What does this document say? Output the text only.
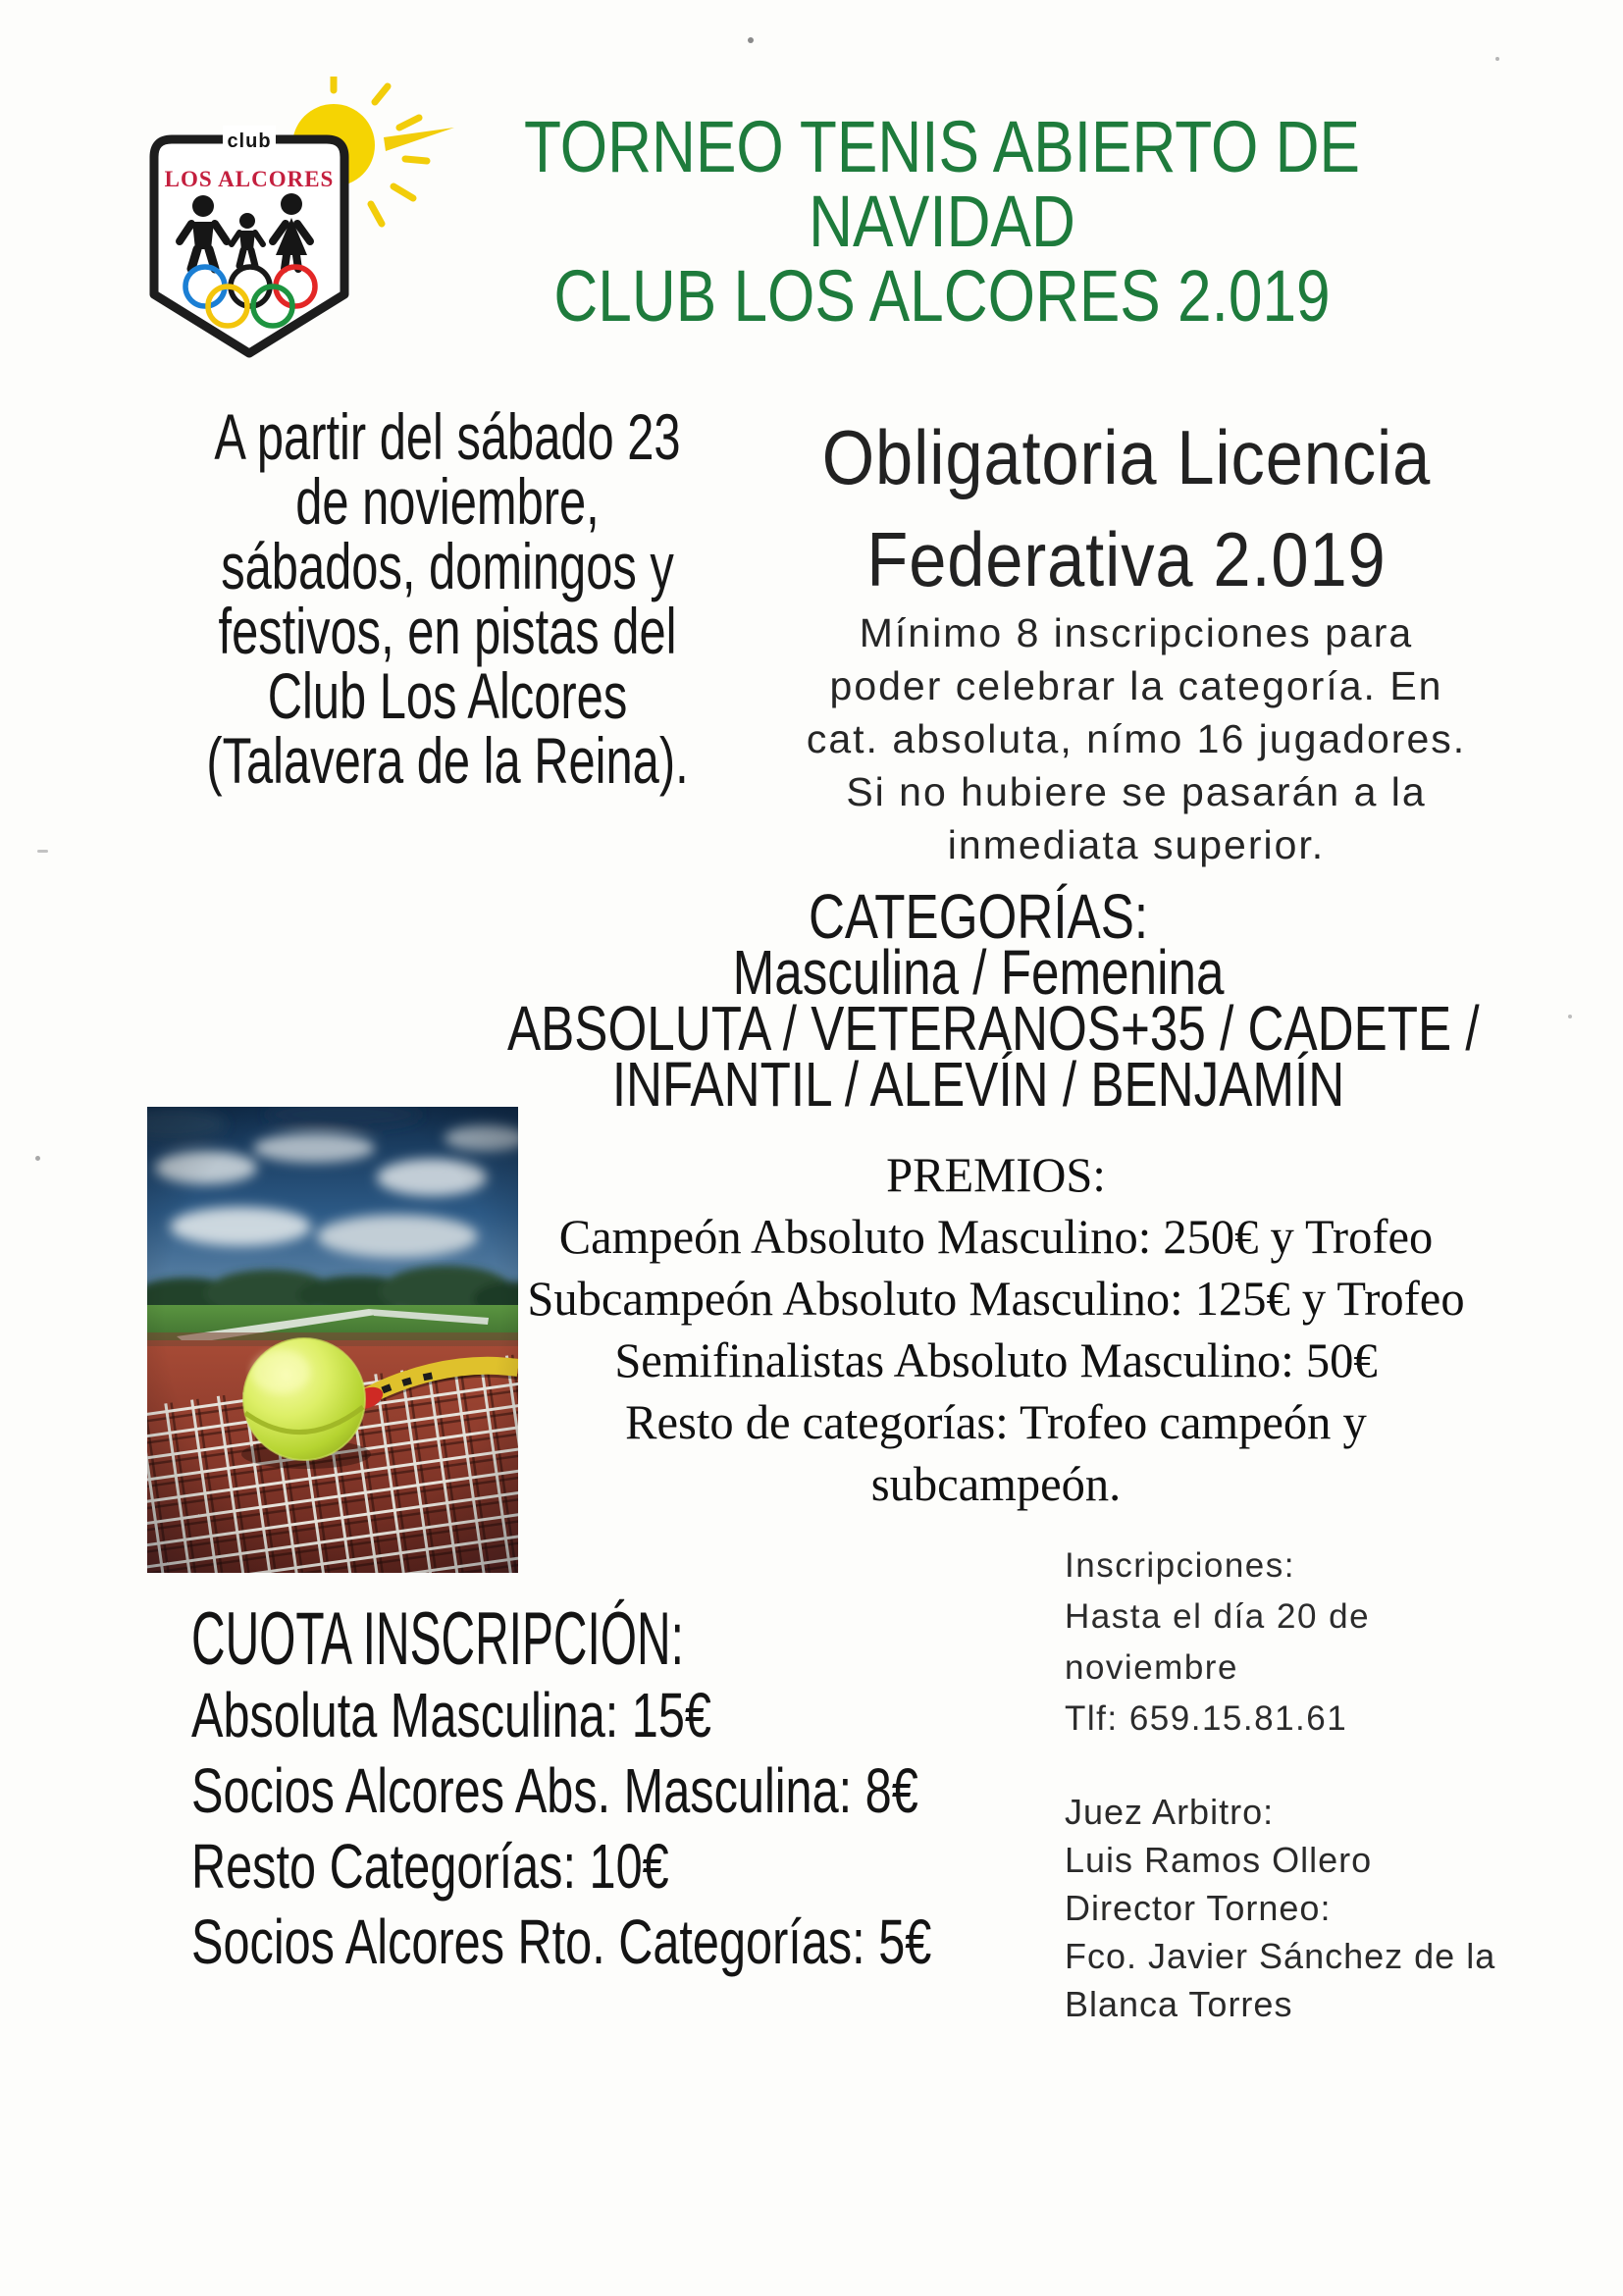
club
LOS ALCORES	TORNEO TENIS ABIERTO DE
NAVIDAD
CLUB LOS ALCORES 2.019
A partir del sábado 23
de noviembre,
sábados, domingos y
festivos, en pistas del
Club Los Alcores
(Talavera de la Reina).
Obligatoria Licencia
Federativa 2.019
Mínimo 8 inscripciones para
poder celebrar la categoría. En
cat. absoluta, nímo 16 jugadores.
Si no hubiere se pasarán a la
inmediata superior.
CATEGORÍAS:
Masculina / Femenina
ABSOLUTA / VETERANOS+35 / CADETE /
INFANTIL / ALEVÍN / BENJAMÍN
PREMIOS:
Campeón Absoluto Masculino: 250€ y Trofeo
Subcampeón Absoluto Masculino: 125€ y Trofeo
Semifinalistas Absoluto Masculino: 50€
Resto de categorías: Trofeo campeón y
subcampeón.
CUOTA INSCRIPCIÓN:
Absoluta Masculina: 15€
Socios Alcores Abs. Masculina: 8€
Resto Categorías: 10€
Socios Alcores Rto. Categorías: 5€
Inscripciones:
Hasta el día 20 de
noviembre
Tlf: 659.15.81.61
Juez Arbitro:
Luis Ramos Ollero
Director Torneo:
Fco. Javier Sánchez de la
Blanca Torres
